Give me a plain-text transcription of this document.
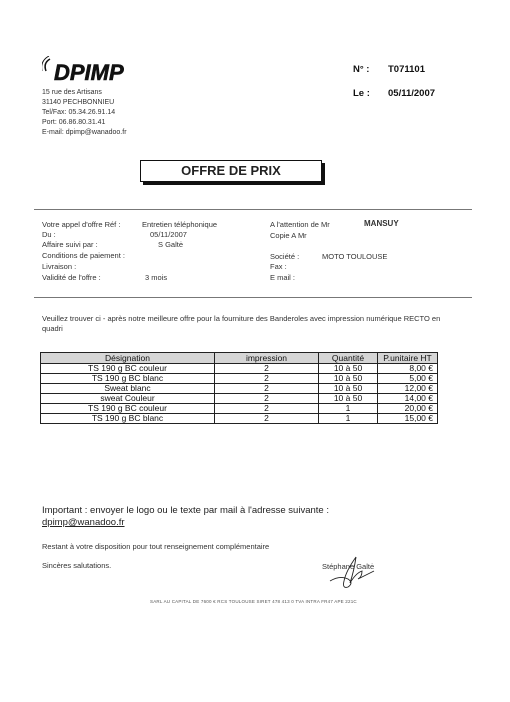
DPIMP
15 rue des Artisans
31140 PECHBONNIEU
Tel/Fax: 05.34.26.91.14
Port: 06.86.80.31.41
E-mail: dpimp@wanadoo.fr
N° : T071101
Le : 05/11/2007
OFFRE DE PRIX
Votre appel d'offre Réf :	Entretien téléphonique
Du :	05/11/2007
Affaire suivi par :	S Galtė
Conditions de paiement :
Livraison :
Validité de l'offre :	3 mois
A l'attention de Mr	MANSUY
Copie A Mr
Société :	MOTO TOULOUSE
Fax :
E mail :
Veuillez trouver ci - après notre meilleure offre pour la fourniture des Banderoles avec impression numérique RECTO en quadri
Désignation	impression	Quantité	P.unitaire HT
TS 190 g BC couleur	2	10 à 50	8,00 €
TS 190 g BC blanc	2	10 à 50	5,00 €
Sweat blanc	2	10 à 50	12,00 €
sweat Couleur	2	10 à 50	14,00 €
TS 190 g BC couleur	2	1	20,00 €
TS 190 g BC blanc	2	1	15,00 €
Important : envoyer le logo ou le texte par mail à l'adresse suivante :
dpimp@wanadoo.fr
Restant à votre disposition pour tout renseignement complémentaire
Sincères salutations.	Stéphane Galtė
SARL AU CAPITAL DE 7600 € RCS TOULOUSE SIRET 478 413 0 TVA INTRA FR47 APE 221C
